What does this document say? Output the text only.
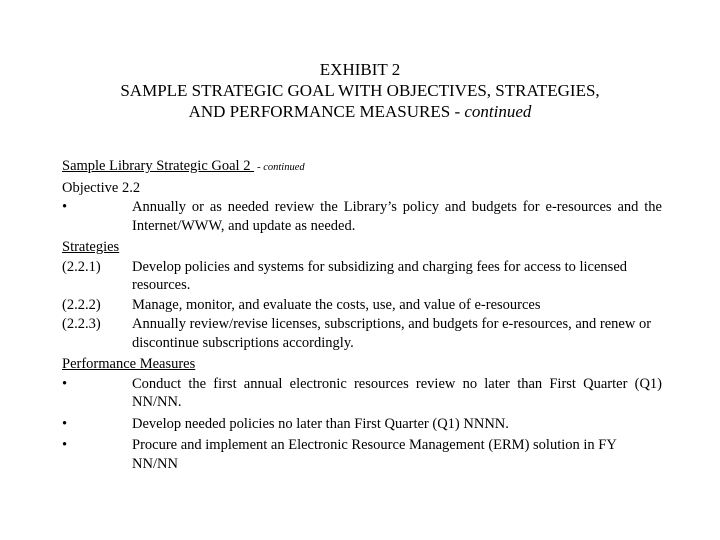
EXHIBIT 2
SAMPLE STRATEGIC GOAL WITH OBJECTIVES, STRATEGIES,
AND PERFORMANCE MEASURES - continued
Sample Library Strategic Goal 2 - continued
Objective 2.2
•	Annually or as needed review the Library’s policy and budgets for e-resources and the Internet/WWW, and update as needed.
Strategies
(2.2.1)	Develop policies and systems for subsidizing and charging fees for access to licensed resources.
(2.2.2)	Manage, monitor, and evaluate the costs, use, and value of e-resources
(2.2.3)	Annually review/revise licenses, subscriptions, and budgets for e-resources, and renew or discontinue subscriptions accordingly.
Performance Measures
•	Conduct the first annual electronic resources review no later than First Quarter (Q1) NN/NN.
•	Develop needed policies no later than First Quarter (Q1) NNNN.
•	Procure and implement an Electronic Resource Management (ERM) solution in FY NN/NN
